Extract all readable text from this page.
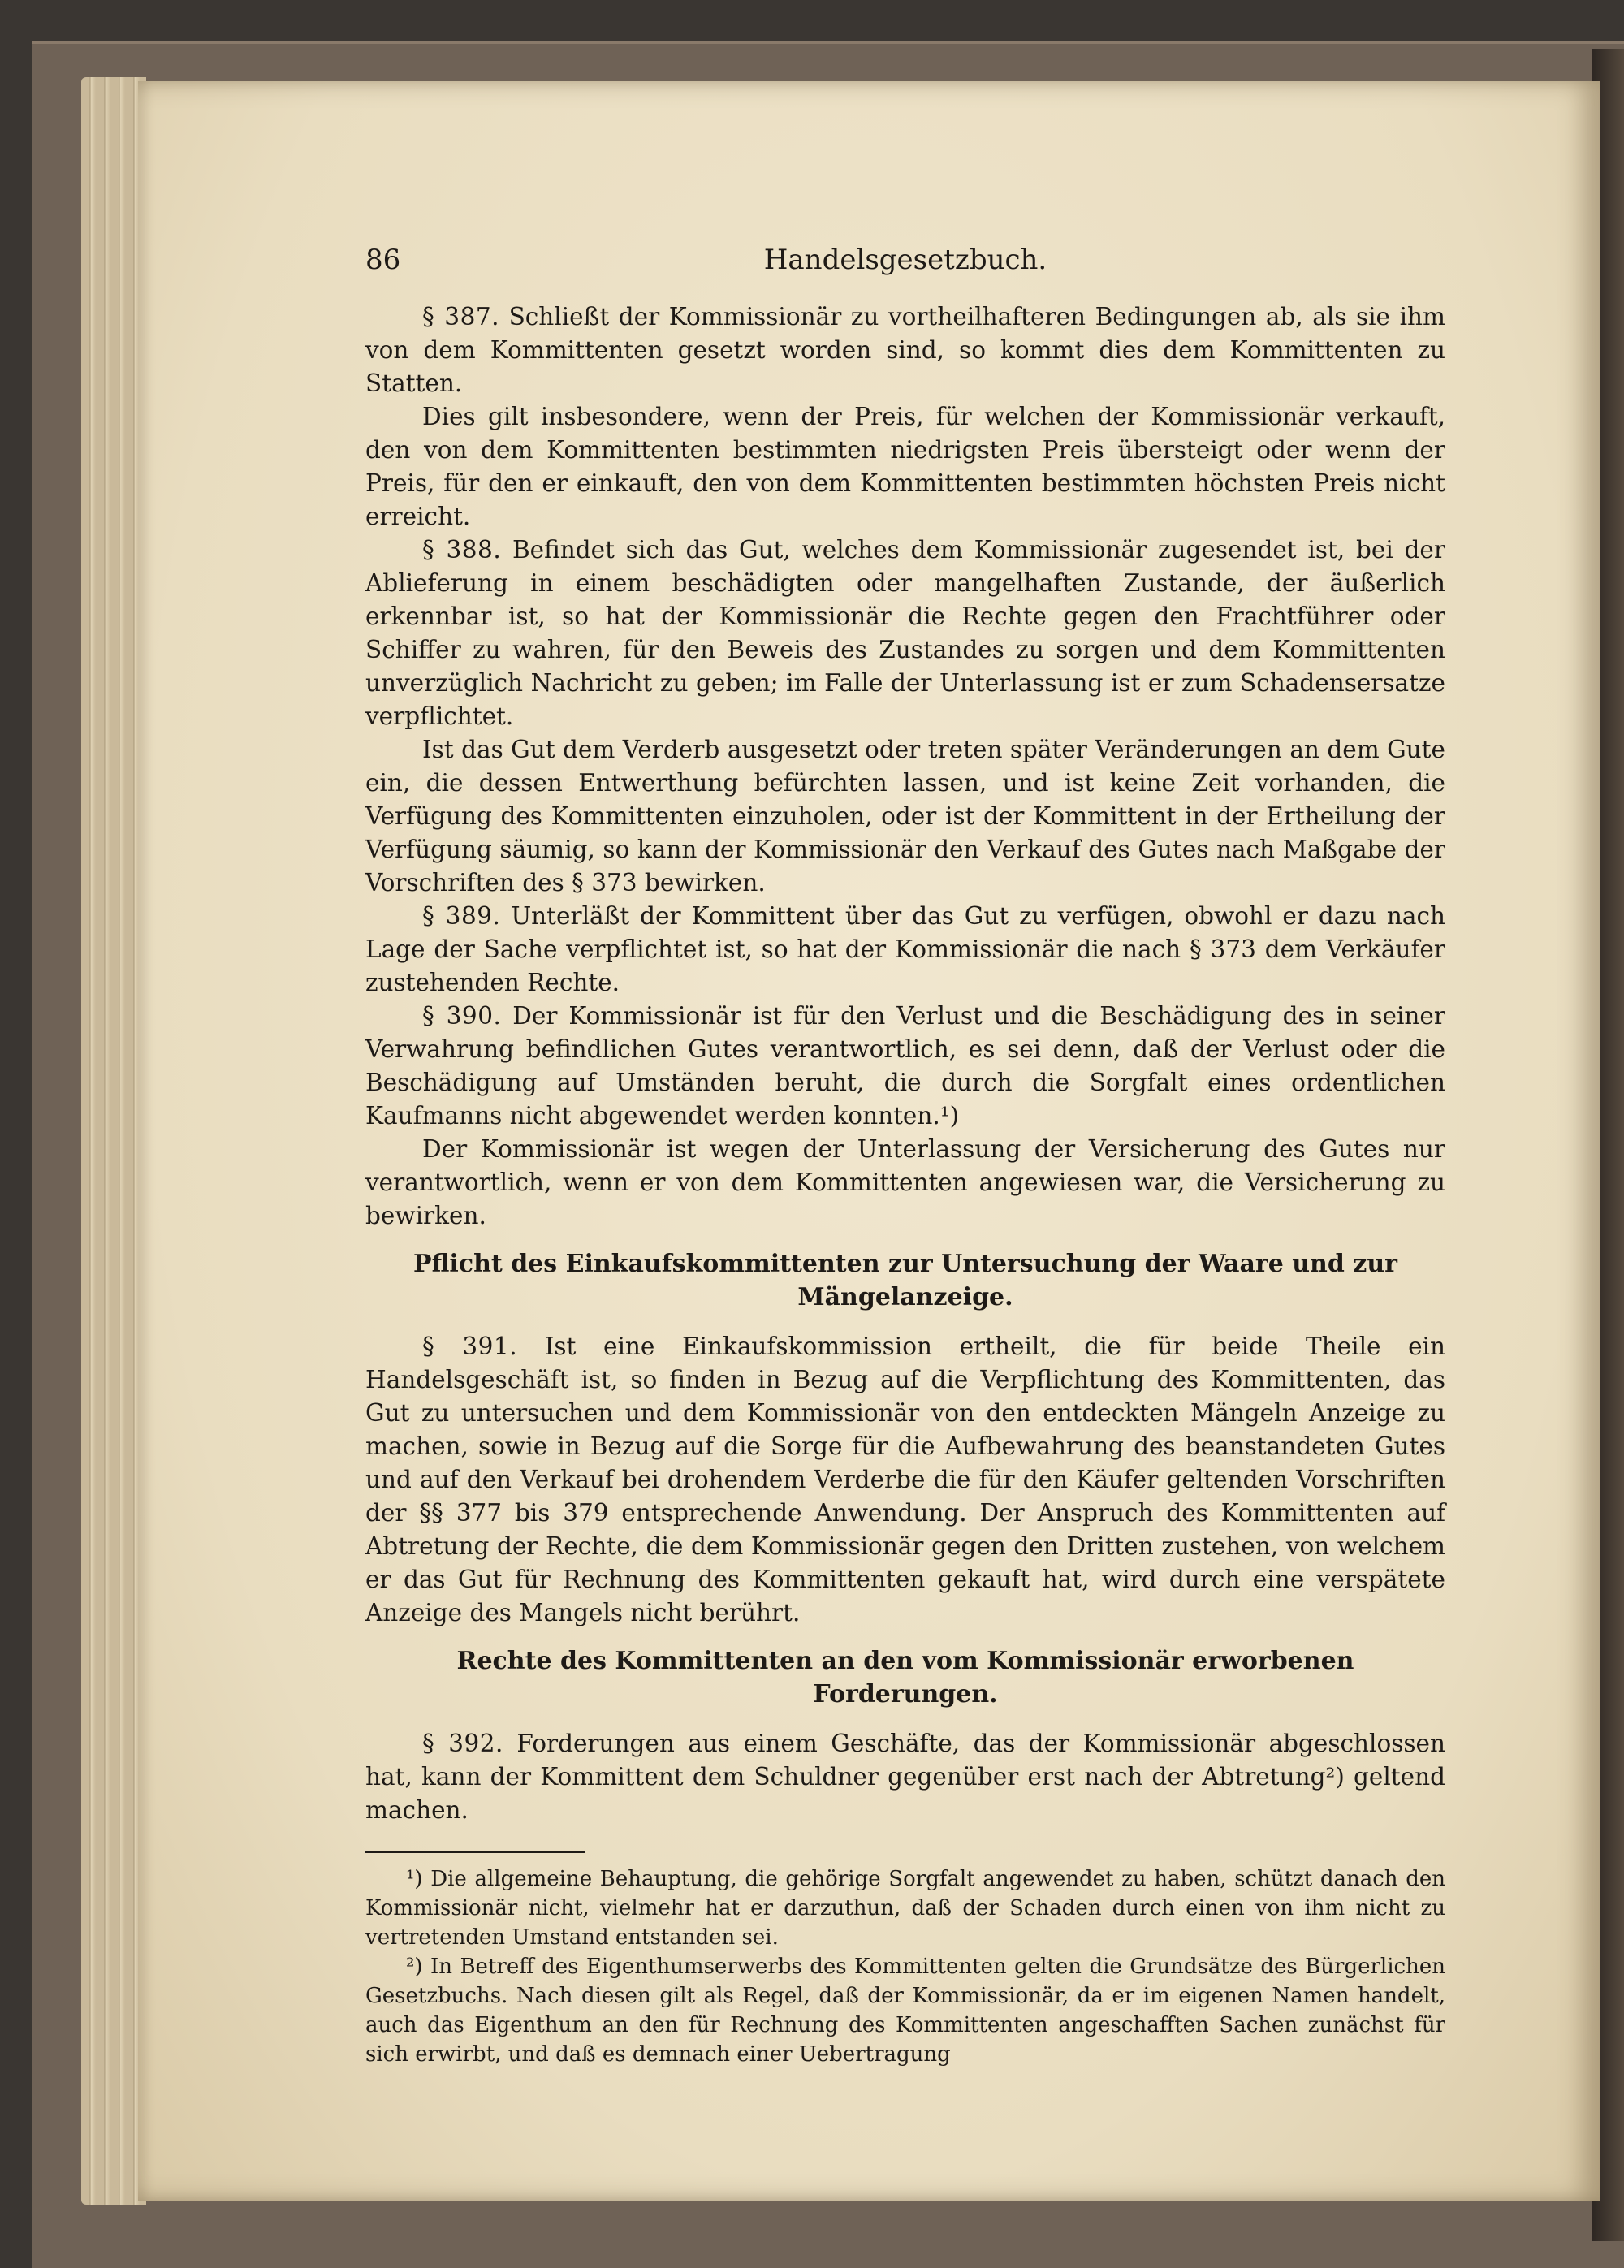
86	Handelsgesetzbuch.

§ 387. Schließt der Kommissionär zu vortheilhafteren Bedingungen ab, als sie ihm von dem Kommittenten gesetzt worden sind, so kommt dies dem Kommittenten zu Statten.

Dies gilt insbesondere, wenn der Preis, für welchen der Kommissionär verkauft, den von dem Kommittenten bestimmten niedrigsten Preis übersteigt oder wenn der Preis, für den er einkauft, den von dem Kommittenten bestimmten höchsten Preis nicht erreicht.

§ 388. Befindet sich das Gut, welches dem Kommissionär zugesendet ist, bei der Ablieferung in einem beschädigten oder mangelhaften Zustande, der äußerlich erkennbar ist, so hat der Kommissionär die Rechte gegen den Frachtführer oder Schiffer zu wahren, für den Beweis des Zustandes zu sorgen und dem Kommittenten unverzüglich Nachricht zu geben; im Falle der Unterlassung ist er zum Schadensersatze verpflichtet.

Ist das Gut dem Verderb ausgesetzt oder treten später Veränderungen an dem Gute ein, die dessen Entwerthung befürchten lassen, und ist keine Zeit vorhanden, die Verfügung des Kommittenten einzuholen, oder ist der Kommittent in der Ertheilung der Verfügung säumig, so kann der Kommissionär den Verkauf des Gutes nach Maßgabe der Vorschriften des § 373 bewirken.

§ 389. Unterläßt der Kommittent über das Gut zu verfügen, obwohl er dazu nach Lage der Sache verpflichtet ist, so hat der Kommissionär die nach § 373 dem Verkäufer zustehenden Rechte.

§ 390. Der Kommissionär ist für den Verlust und die Beschädigung des in seiner Verwahrung befindlichen Gutes verantwortlich, es sei denn, daß der Verlust oder die Beschädigung auf Umständen beruht, die durch die Sorgfalt eines ordentlichen Kaufmanns nicht abgewendet werden konnten.¹)

Der Kommissionär ist wegen der Unterlassung der Versicherung des Gutes nur verantwortlich, wenn er von dem Kommittenten angewiesen war, die Versicherung zu bewirken.

Pflicht des Einkaufskommittenten zur Untersuchung der Waare und zur Mängelanzeige.

§ 391. Ist eine Einkaufskommission ertheilt, die für beide Theile ein Handelsgeschäft ist, so finden in Bezug auf die Verpflichtung des Kommittenten, das Gut zu untersuchen und dem Kommissionär von den entdeckten Mängeln Anzeige zu machen, sowie in Bezug auf die Sorge für die Aufbewahrung des beanstandeten Gutes und auf den Verkauf bei drohendem Verderbe die für den Käufer geltenden Vorschriften der §§ 377 bis 379 entsprechende Anwendung. Der Anspruch des Kommittenten auf Abtretung der Rechte, die dem Kommissionär gegen den Dritten zustehen, von welchem er das Gut für Rechnung des Kommittenten gekauft hat, wird durch eine verspätete Anzeige des Mangels nicht berührt.

Rechte des Kommittenten an den vom Kommissionär erworbenen Forderungen.

§ 392. Forderungen aus einem Geschäfte, das der Kommissionär abgeschlossen hat, kann der Kommittent dem Schuldner gegenüber erst nach der Abtretung²) geltend machen.

¹) Die allgemeine Behauptung, die gehörige Sorgfalt angewendet zu haben, schützt danach den Kommissionär nicht, vielmehr hat er darzuthun, daß der Schaden durch einen von ihm nicht zu vertretenden Umstand entstanden sei.

²) In Betreff des Eigenthumserwerbs des Kommittenten gelten die Grundsätze des Bürgerlichen Gesetzbuchs. Nach diesen gilt als Regel, daß der Kommissionär, da er im eigenen Namen handelt, auch das Eigenthum an den für Rechnung des Kommittenten angeschafften Sachen zunächst für sich erwirbt, und daß es demnach einer Uebertragung
